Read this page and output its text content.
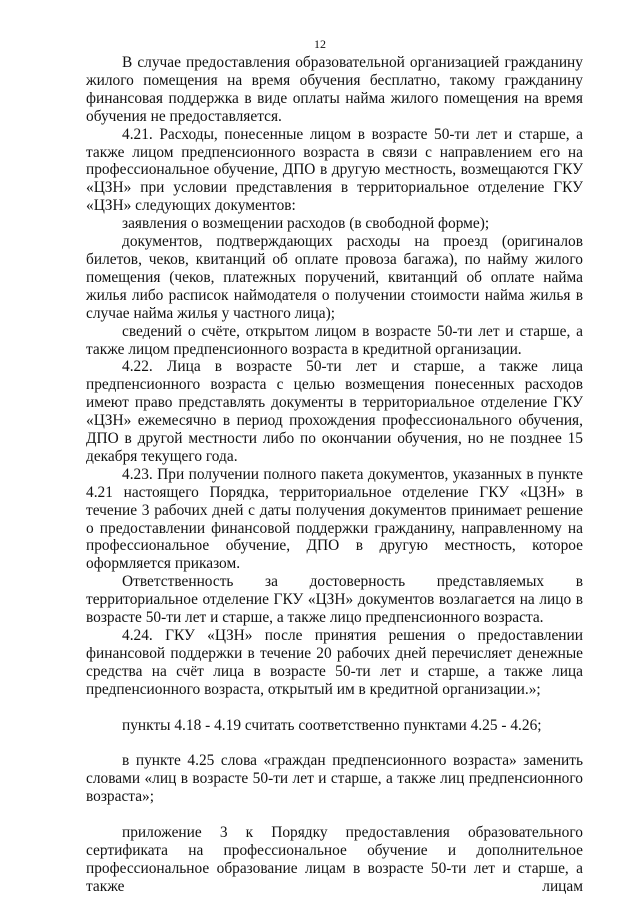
12

В случае предоставления образовательной организацией гражданину жилого помещения на время обучения бесплатно, такому гражданину финансовая поддержка в виде оплаты найма жилого помещения на время обучения не предоставляется.

4.21. Расходы, понесенные лицом в возрасте 50-ти лет и старше, а также лицом предпенсионного возраста в связи с направлением его на профессиональное обучение, ДПО в другую местность, возмещаются ГКУ «ЦЗН» при условии представления в территориальное отделение ГКУ «ЦЗН» следующих документов:

заявления о возмещении расходов (в свободной форме);

документов, подтверждающих расходы на проезд (оригиналов билетов, чеков, квитанций об оплате провоза багажа), по найму жилого помещения (чеков, платежных поручений, квитанций об оплате найма жилья либо расписок наймодателя о получении стоимости найма жилья в случае найма жилья у частного лица);

сведений о счёте, открытом лицом в возрасте 50-ти лет и старше, а также лицом предпенсионного возраста в кредитной организации.

4.22. Лица в возрасте 50-ти лет и старше, а также лица предпенсионного возраста с целью возмещения понесенных расходов имеют право представлять документы в территориальное отделение ГКУ «ЦЗН» ежемесячно в период прохождения профессионального обучения, ДПО в другой местности либо по окончании обучения, но не позднее 15 декабря текущего года.

4.23. При получении полного пакета документов, указанных в пункте 4.21 настоящего Порядка, территориальное отделение ГКУ «ЦЗН» в течение 3 рабочих дней с даты получения документов принимает решение о предоставлении финансовой поддержки гражданину, направленному на профессиональное обучение, ДПО в другую местность, которое оформляется приказом.

Ответственность за достоверность представляемых в территориальное отделение ГКУ «ЦЗН» документов возлагается на лицо в возрасте 50-ти лет и старше, а также лицо предпенсионного возраста.

4.24. ГКУ «ЦЗН» после принятия решения о предоставлении финансовой поддержки в течение 20 рабочих дней перечисляет денежные средства на счёт лица в возрасте 50-ти лет и старше, а также лица предпенсионного возраста, открытый им в кредитной организации.»;

пункты 4.18 - 4.19 считать соответственно пунктами 4.25 - 4.26;

в пункте 4.25 слова «граждан предпенсионного возраста» заменить словами «лиц в возрасте 50-ти лет и старше, а также лиц предпенсионного возраста»;

приложение 3 к Порядку предоставления образовательного сертификата на профессиональное обучение и дополнительное профессиональное образование лицам в возрасте 50-ти лет и старше, а также лицам
